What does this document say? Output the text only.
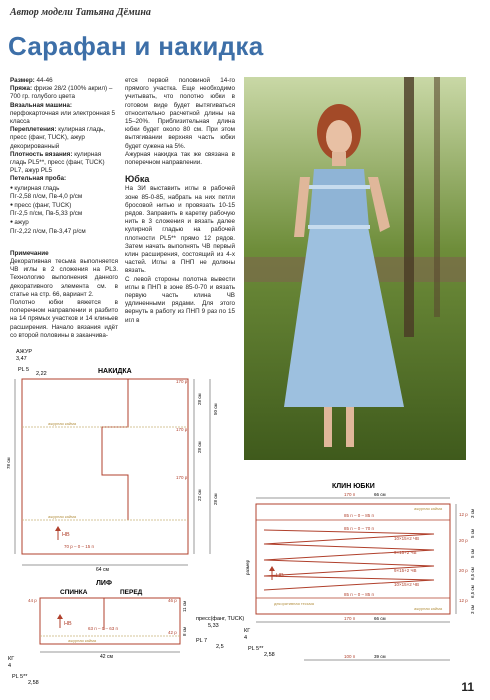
Автор модели Татьяна Дёмина
Сарафан и накидка
Размер: 44-46
Пряжа: фризе 28/2 (100% акрил) – 700 гр. голубого цвета
Вязальная машина: перфокарточная или электронная 5 класса
Переплетения: кулирная гладь, пресс (фанг, TUCK), ажур декорированный
Плотность вязания: кулирная гладь PL5**, пресс (фанг, TUCK) PL7, ажур PL5
Петельная проба:
● кулирная гладь
Пг-2,58 п/см, Пв-4,0 р/см
● пресс (фанг, TUCK)
Пг-2,5 п/см, Пв-5,33 р/см
● ажур
Пг-2,22 п/см, Пв-3,47 р/см
Примечание
Декоративная тесьма выполняется ЧВ иглы в 2 сложения на PL3. Технологию выполнения данного декоративного элемента см. в статье на стр. 66, вариант 2.
Полотно юбки вяжется в поперечном направлении и разбито на 14 прямых участков и 14 клиньев расширения. Начало вязания идёт со второй половины в заканчива-
ется первой половиной 14-го прямого участка. Еще необходимо учитывать, что полотно юбки в готовом виде будет вытягиваться относительно расчетной длины на 15–20%. Приблизительная длина юбки будет около 80 см. При этом вытягивании верхняя часть юбки будет сужена на 5%.
Ажурная накидка так же связана в поперечном направлении.
Юбка
На ЗИ выставить иглы в рабочей зоне 85-0-85, набрать на них петли бросовой нитью и провязать 10-15 рядов. Заправить в каретку рабочую нить в 3 сложения и вязать далее кулирной гладью на рабочей плотности PL5** прямо 12 рядов. Затем начать выполнять ЧВ первый клин расширения, состоящий из 4-х частей. Иглы в ПНП не должны вязать.
С левой стороны полотна вывести иглы в ПНП в зоне 85-0-70 и вязать первую часть клина ЧВ удлиненными рядами. Для этого вернуть в работу из ПНП 9 раз по 15 игл в
АЖУР
3,47
PL 5
2,22	НАКИДКА
170 р
170 р
170 р
ажурная кайма
ажурная кайма
70 р – 0 – 15 п
НВ
64 см
78 см
28 см
28 см
22 см
50 см
28 см
ЛИФ
СПИНКА	ПЕРЕД
ажурная кайма
63 п – 0 – 63 п
НВ
44 р	46 р
42 р
11 см
8 см
42 см
КГ
4
PL 5**
2,58
пресс(фанг, TUCK)
5,33
PL 7
2,5
КЛИН ЮБКИ
170 п	66 см
85 п – 0 – 85 п
85 п – 0 – 70 п
10×15×2 ЧВ
9×15+2 ЧВ
9×15+2 ЧВ
10×15×2 ЧВ
85 п – 0 – 85 п
ажурная кайма
ажурная кайма
декоративная тесьма
НВ
размер
12 р
20 р
20 р
12 р
3 см
5 см
5 см
6,5 см
6,5 см
3 см
170 п	66 см
100 п	39 см
КГ
4
PL 5**
2,58
11
